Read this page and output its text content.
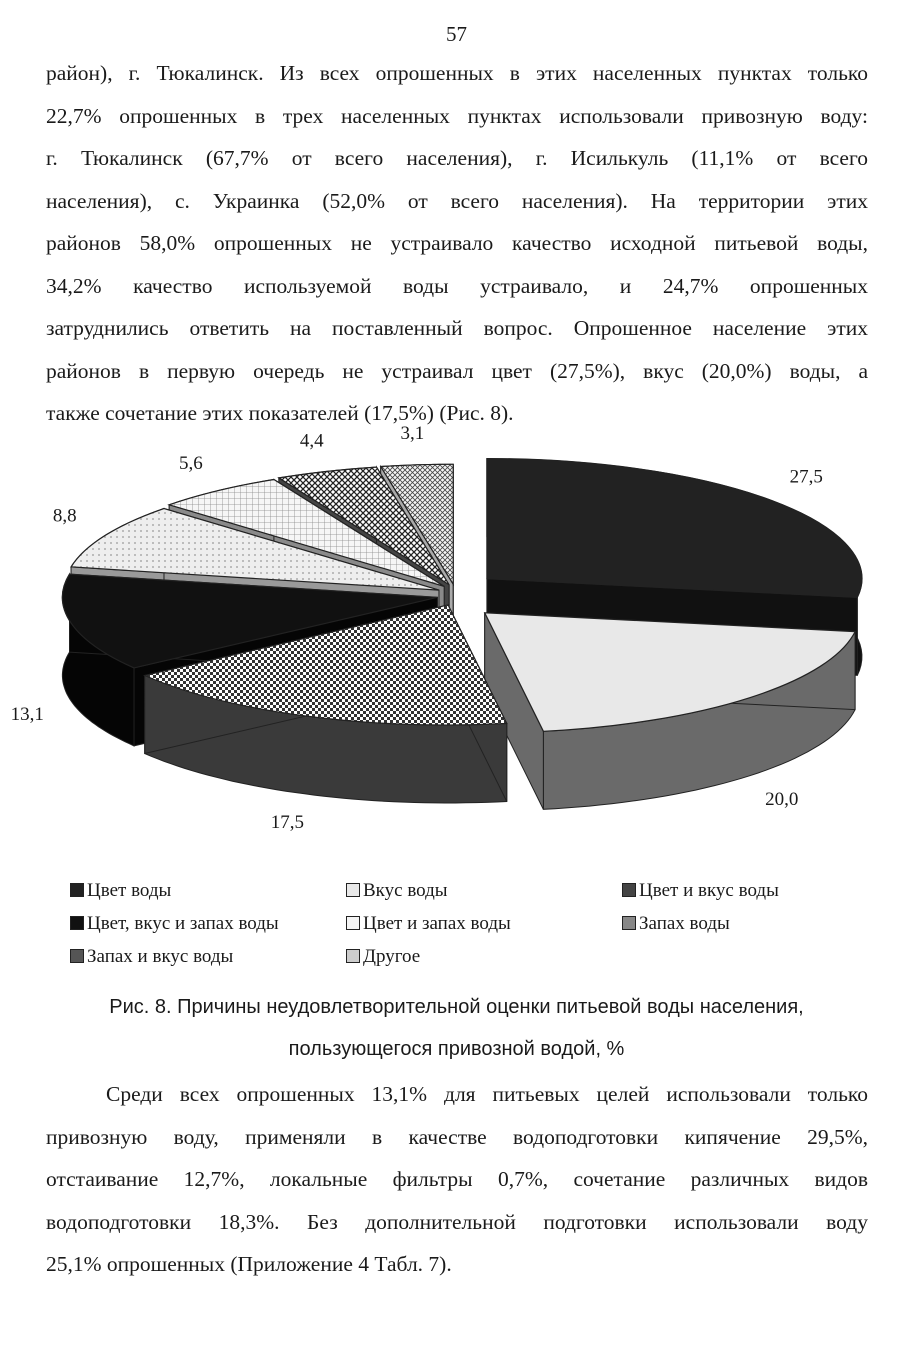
57
район), г. Тюкалинск. Из всех опрошенных в этих населенных пунктах только
22,7% опрошенных в трех населенных пунктах использовали привозную воду:
г. Тюкалинск (67,7% от всего населения), г. Исилькуль (11,1% от всего
населения), с. Украинка (52,0% от всего населения). На территории этих
районов 58,0% опрошенных не устраивало качество исходной питьевой воды,
34,2% качество используемой воды устраивало, и 24,7% опрошенных
затруднились ответить на поставленный вопрос. Опрошенное население этих
районов в первую очередь не устраивал цвет (27,5%), вкус (20,0%) воды, а
также сочетание этих показателей (17,5%) (Рис. 8).
27,5
20,0
17,5
13,1
8,8
5,6
4,4	3,1
Цвет воды	Вкус воды	Цвет и вкус воды
Цвет, вкус и запах воды	Цвет и запах воды	Запах воды
Запах и вкус воды	Другое
Рис. 8. Причины неудовлетворительной оценки питьевой воды населения,
пользующегося привозной водой, %
Среди всех опрошенных 13,1% для питьевых целей использовали только
привозную воду, применяли в качестве водоподготовки кипячение 29,5%,
отстаивание 12,7%, локальные фильтры 0,7%, сочетание различных видов
водоподготовки 18,3%. Без дополнительной подготовки использовали воду
25,1% опрошенных (Приложение 4 Табл. 7).
